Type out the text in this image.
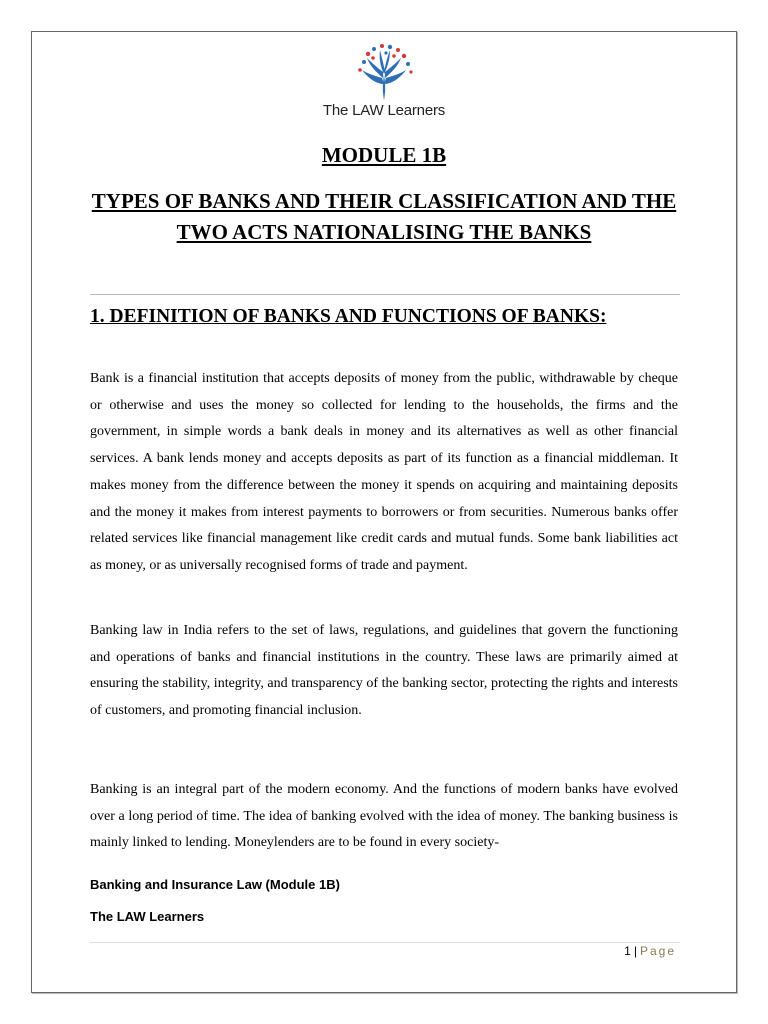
The LAW Learners
MODULE 1B
TYPES OF BANKS AND THEIR CLASSIFICATION AND THE TWO ACTS NATIONALISING THE BANKS
1. DEFINITION OF BANKS AND FUNCTIONS OF BANKS:

Bank is a financial institution that accepts deposits of money from the public, withdrawable by cheque or otherwise and uses the money so collected for lending to the households, the firms and the government, in simple words a bank deals in money and its alternatives as well as other financial services. A bank lends money and accepts deposits as part of its function as a financial middleman. It makes money from the difference between the money it spends on acquiring and maintaining deposits and the money it makes from interest payments to borrowers or from securities. Numerous banks offer related services like financial management like credit cards and mutual funds. Some bank liabilities act as money, or as universally recognised forms of trade and payment.

Banking law in India refers to the set of laws, regulations, and guidelines that govern the functioning and operations of banks and financial institutions in the country. These laws are primarily aimed at ensuring the stability, integrity, and transparency of the banking sector, protecting the rights and interests of customers, and promoting financial inclusion.

Banking is an integral part of the modern economy. And the functions of modern banks have evolved over a long period of time. The idea of banking evolved with the idea of money. The banking business is mainly linked to lending. Moneylenders are to be found in every society-

Banking and Insurance Law (Module 1B)
The LAW Learners
1 | Page
